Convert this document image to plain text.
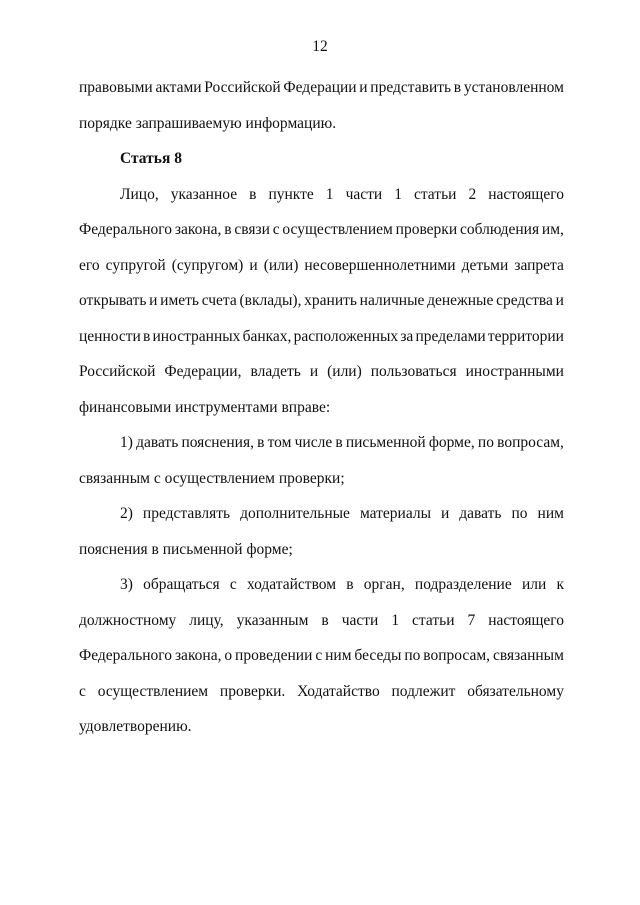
12
правовыми актами Российской Федерации и представить в установленном
порядке запрашиваемую информацию.
Статья 8
Лицо, указанное в пункте 1 части 1 статьи 2 настоящего
Федерального закона, в связи с осуществлением проверки соблюдения им,
его супругой (супругом) и (или) несовершеннолетними детьми запрета
открывать и иметь счета (вклады), хранить наличные денежные средства и
ценности в иностранных банках, расположенных за пределами территории
Российской Федерации, владеть и (или) пользоваться иностранными
финансовыми инструментами вправе:
1) давать пояснения, в том числе в письменной форме, по вопросам,
связанным с осуществлением проверки;
2) представлять дополнительные материалы и давать по ним
пояснения в письменной форме;
3) обращаться с ходатайством в орган, подразделение или к
должностному лицу, указанным в части 1 статьи 7 настоящего
Федерального закона, о проведении с ним беседы по вопросам, связанным
с осуществлением проверки. Ходатайство подлежит обязательному
удовлетворению.
